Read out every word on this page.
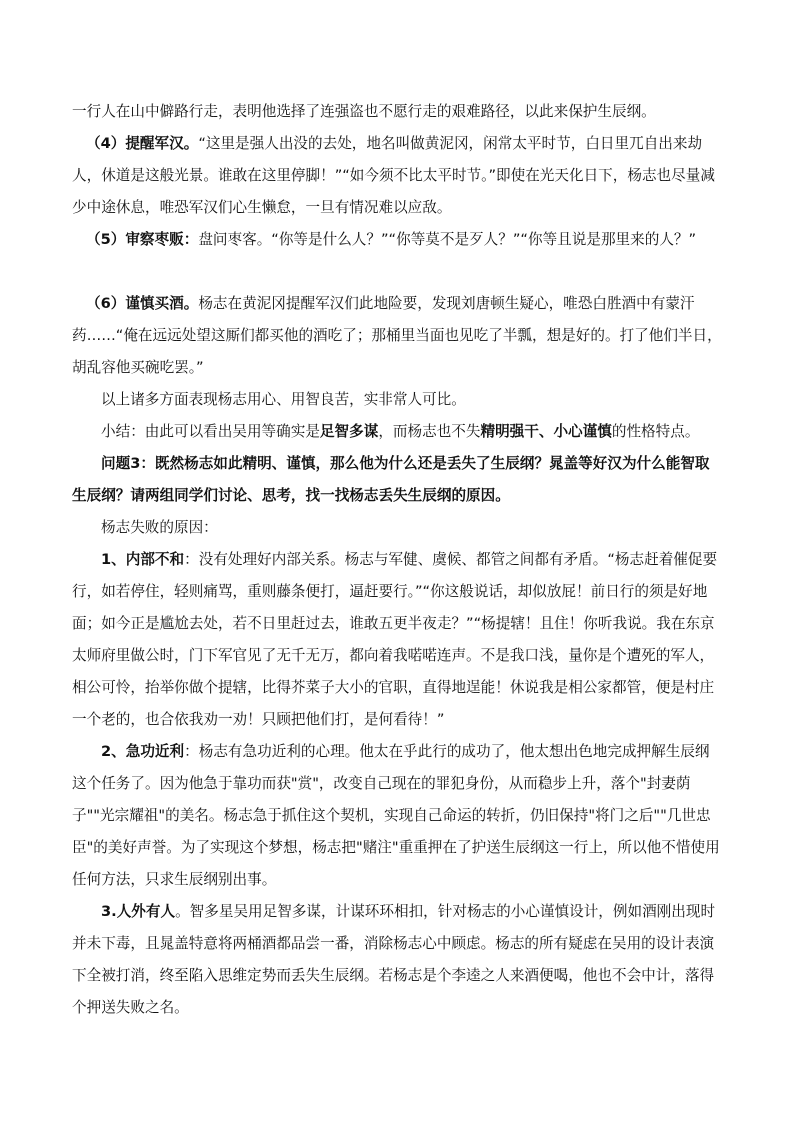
一行人在山中僻路行走，表明他选择了连强盗也不愿行走的艰难路径，以此来保护生辰纲。

（4）提醒军汉。“这里是强人出没的去处，地名叫做黄泥冈，闲常太平时节，白日里兀自出来劫人，休道是这般光景。谁敢在这里停脚！”“如今须不比太平时节。”即使在光天化日下，杨志也尽量减少中途休息，唯恐军汉们心生懒怠，一旦有情况难以应敌。

（5）审察枣贩：盘问枣客。“你等是什么人？”“你等莫不是歹人？”“你等且说是那里来的人？”

（6）谨慎买酒。杨志在黄泥冈提醒军汉们此地险要，发现刘唐顿生疑心，唯恐白胜酒中有蒙汗药……“俺在远远处望这厮们都买他的酒吃了；那桶里当面也见吃了半瓢，想是好的。打了他们半日，胡乱容他买碗吃罢。”

以上诸多方面表现杨志用心、用智良苦，实非常人可比。

小结：由此可以看出吴用等确实是足智多谋，而杨志也不失精明强干、小心谨慎的性格特点。

问题3：既然杨志如此精明、谨慎，那么他为什么还是丢失了生辰纲？晁盖等好汉为什么能智取生辰纲？请两组同学们讨论、思考，找一找杨志丢失生辰纲的原因。

杨志失败的原因：

1、内部不和：没有处理好内部关系。杨志与军健、虞候、都管之间都有矛盾。“杨志赶着催促要行，如若停住，轻则痛骂，重则藤条便打，逼赶要行。”“你这般说话，却似放屁！前日行的须是好地面；如今正是尴尬去处，若不日里赶过去，谁敢五更半夜走？”“杨提辖！且住！你听我说。我在东京太师府里做公时，门下军官见了无千无万，都向着我喏喏连声。不是我口浅，量你是个遭死的军人，相公可怜，抬举你做个提辖，比得芥菜子大小的官职，直得地逞能！休说我是相公家都管，便是村庄一个老的，也合依我劝一劝！只顾把他们打，是何看待！”

2、急功近利：杨志有急功近利的心理。他太在乎此行的成功了，他太想出色地完成押解生辰纲这个任务了。因为他急于靠功而获"赏"，改变自己现在的罪犯身份，从而稳步上升，落个"封妻荫子""光宗耀祖"的美名。杨志急于抓住这个契机，实现自己命运的转折，仍旧保持"将门之后""几世忠臣"的美好声誉。为了实现这个梦想，杨志把"赌注"重重押在了护送生辰纲这一行上，所以他不惜使用任何方法，只求生辰纲别出事。

3.人外有人。智多星吴用足智多谋，计谋环环相扣，针对杨志的小心谨慎设计，例如酒刚出现时并未下毒，且晁盖特意将两桶酒都品尝一番，消除杨志心中顾虑。杨志的所有疑虑在吴用的设计表演下全被打消，终至陷入思维定势而丢失生辰纲。若杨志是个李逵之人来酒便喝，他也不会中计，落得个押送失败之名。
